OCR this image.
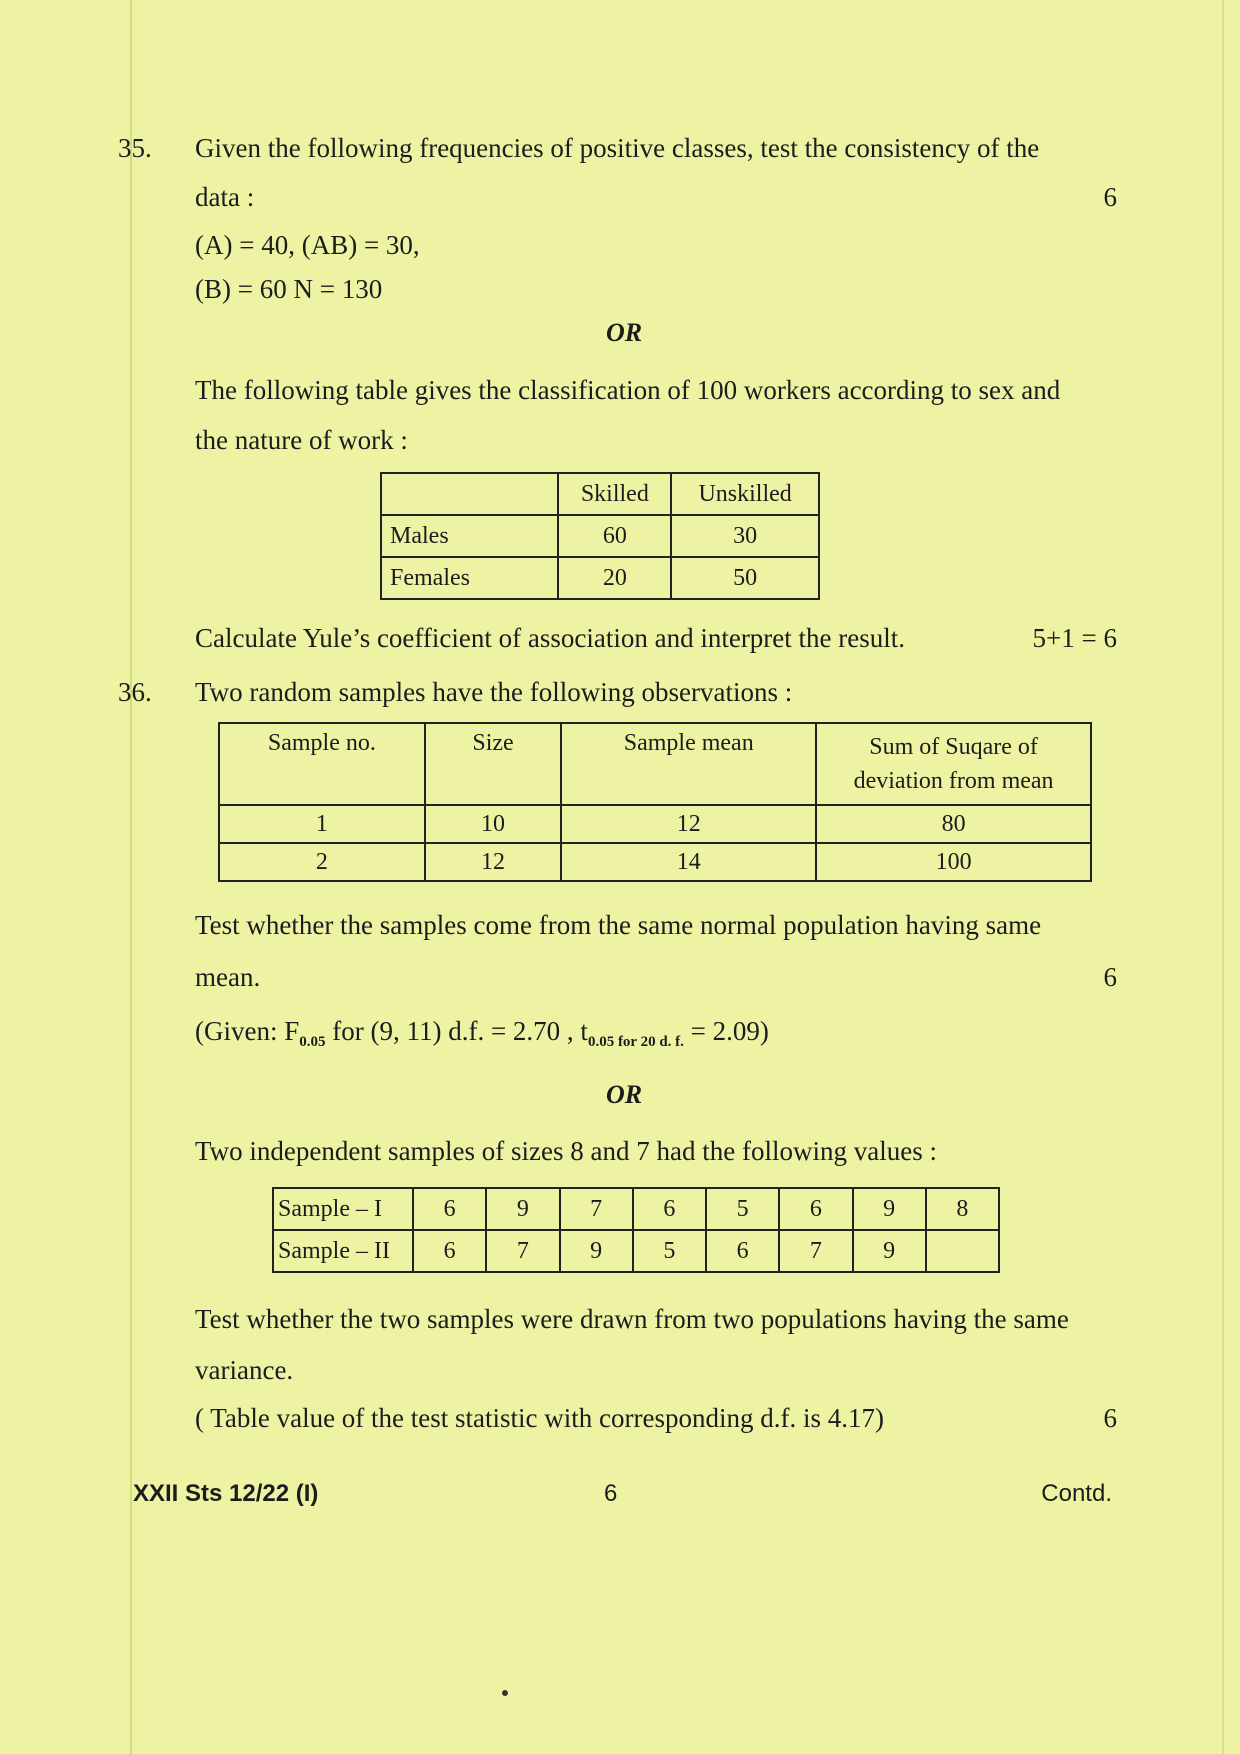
35. Given the following frequencies of positive classes, test the consistency of the
data :	6
(A) = 40, (AB) = 30,
(B) = 60 N = 130
OR
The following table gives the classification of 100 workers according to sex and
the nature of work :
	Skilled	Unskilled
Males	60	30
Females	20	50
Calculate Yule’s coefficient of association and interpret the result.	5+1 = 6
36. Two random samples have the following observations :
Sample no.	Size	Sample mean	Sum of Suqare of
deviation from mean

1	10	12	80
2	12	14	100
Test whether the samples come from the same normal population having same
mean.	6
(Given: $F_{0.05}$ for (9, 11) d.f. = 2.70 , $t_{0.05 for 20 d. f.} = 2.09$)
OR
Two independent samples of sizes 8 and 7 had the following values :
Sample – I	6	9	7	6	5	6	9	8
Sample – II	6	7	9	5	6	7	9	
Test whether the two samples were drawn from two populations having the same
variance.
( Table value of the test statistic with corresponding d.f. is 4.17)	6
XXII Sts 12/22 (I)	6	Contd.
